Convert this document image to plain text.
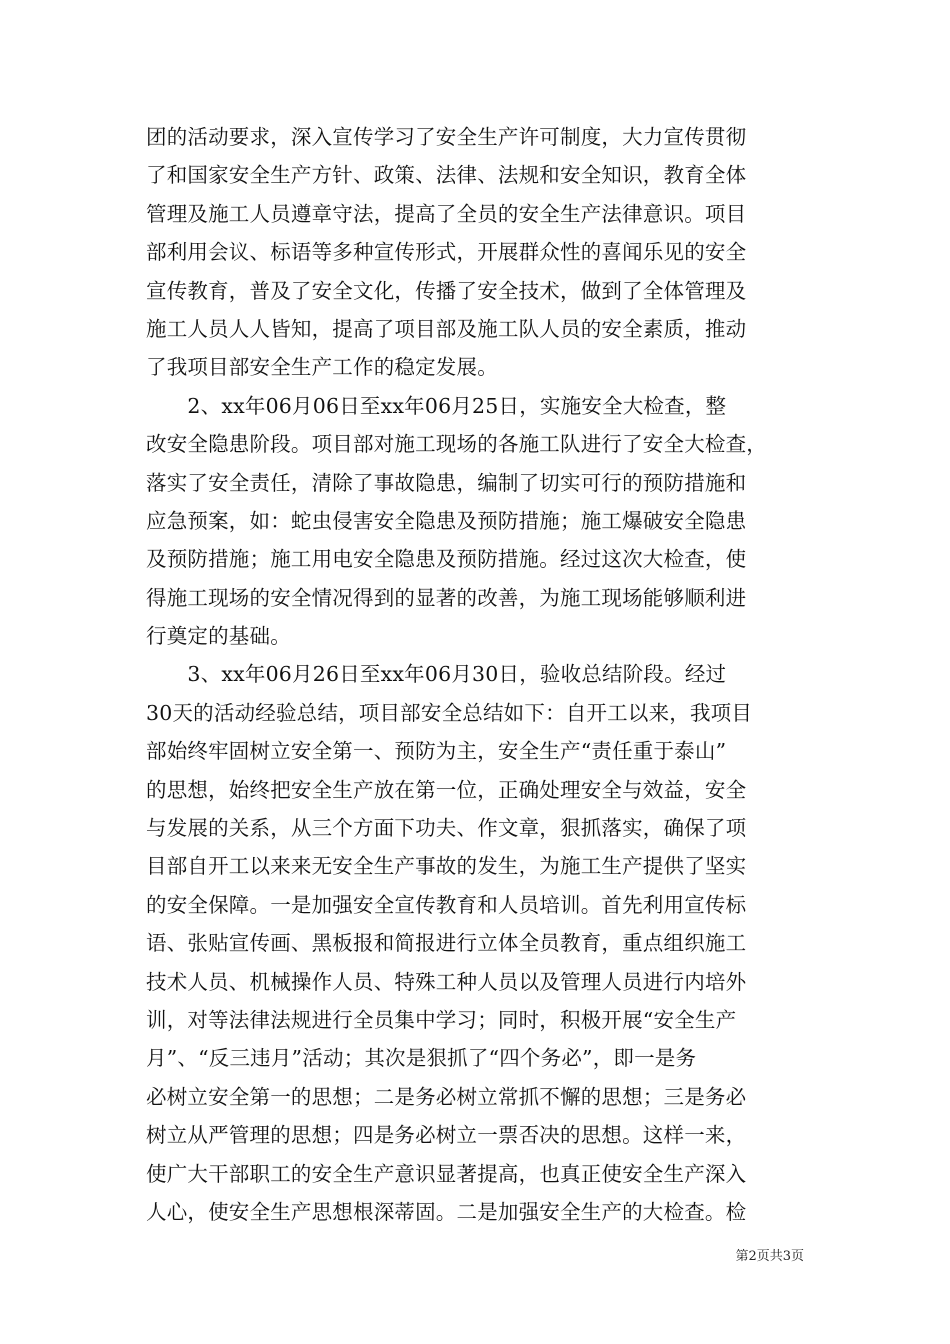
团的活动要求，深入宣传学习了安全生产许可制度，大力宣传贯彻
了和国家安全生产方针、政策、法律、法规和安全知识，教育全体
管理及施工人员遵章守法，提高了全员的安全生产法律意识。项目
部利用会议、标语等多种宣传形式，开展群众性的喜闻乐见的安全
宣传教育，普及了安全文化，传播了安全技术，做到了全体管理及
施工人员人人皆知，提高了项目部及施工队人员的安全素质，推动
了我项目部安全生产工作的稳定发展。
　　2、xx年06月06日至xx年06月25日，实施安全大检查，整
改安全隐患阶段。项目部对施工现场的各施工队进行了安全大检查，
落实了安全责任，清除了事故隐患，编制了切实可行的预防措施和
应急预案，如：蛇虫侵害安全隐患及预防措施；施工爆破安全隐患
及预防措施；施工用电安全隐患及预防措施。经过这次大检查，使
得施工现场的安全情况得到的显著的改善，为施工现场能够顺利进
行奠定的基础。
　　3、xx年06月26日至xx年06月30日，验收总结阶段。经过
30天的活动经验总结，项目部安全总结如下：自开工以来，我项目
部始终牢固树立安全第一、预防为主，安全生产“责任重于泰山”
的思想，始终把安全生产放在第一位，正确处理安全与效益，安全
与发展的关系，从三个方面下功夫、作文章，狠抓落实，确保了项
目部自开工以来来无安全生产事故的发生，为施工生产提供了坚实
的安全保障。一是加强安全宣传教育和人员培训。首先利用宣传标
语、张贴宣传画、黑板报和简报进行立体全员教育，重点组织施工
技术人员、机械操作人员、特殊工种人员以及管理人员进行内培外
训，对等法律法规进行全员集中学习；同时，积极开展“安全生产
月”、“反三违月”活动；其次是狠抓了“四个务必”，即一是务
必树立安全第一的思想；二是务必树立常抓不懈的思想；三是务必
树立从严管理的思想；四是务必树立一票否决的思想。这样一来，
使广大干部职工的安全生产意识显著提高，也真正使安全生产深入
人心，使安全生产思想根深蒂固。二是加强安全生产的大检查。检
第2页共3页
